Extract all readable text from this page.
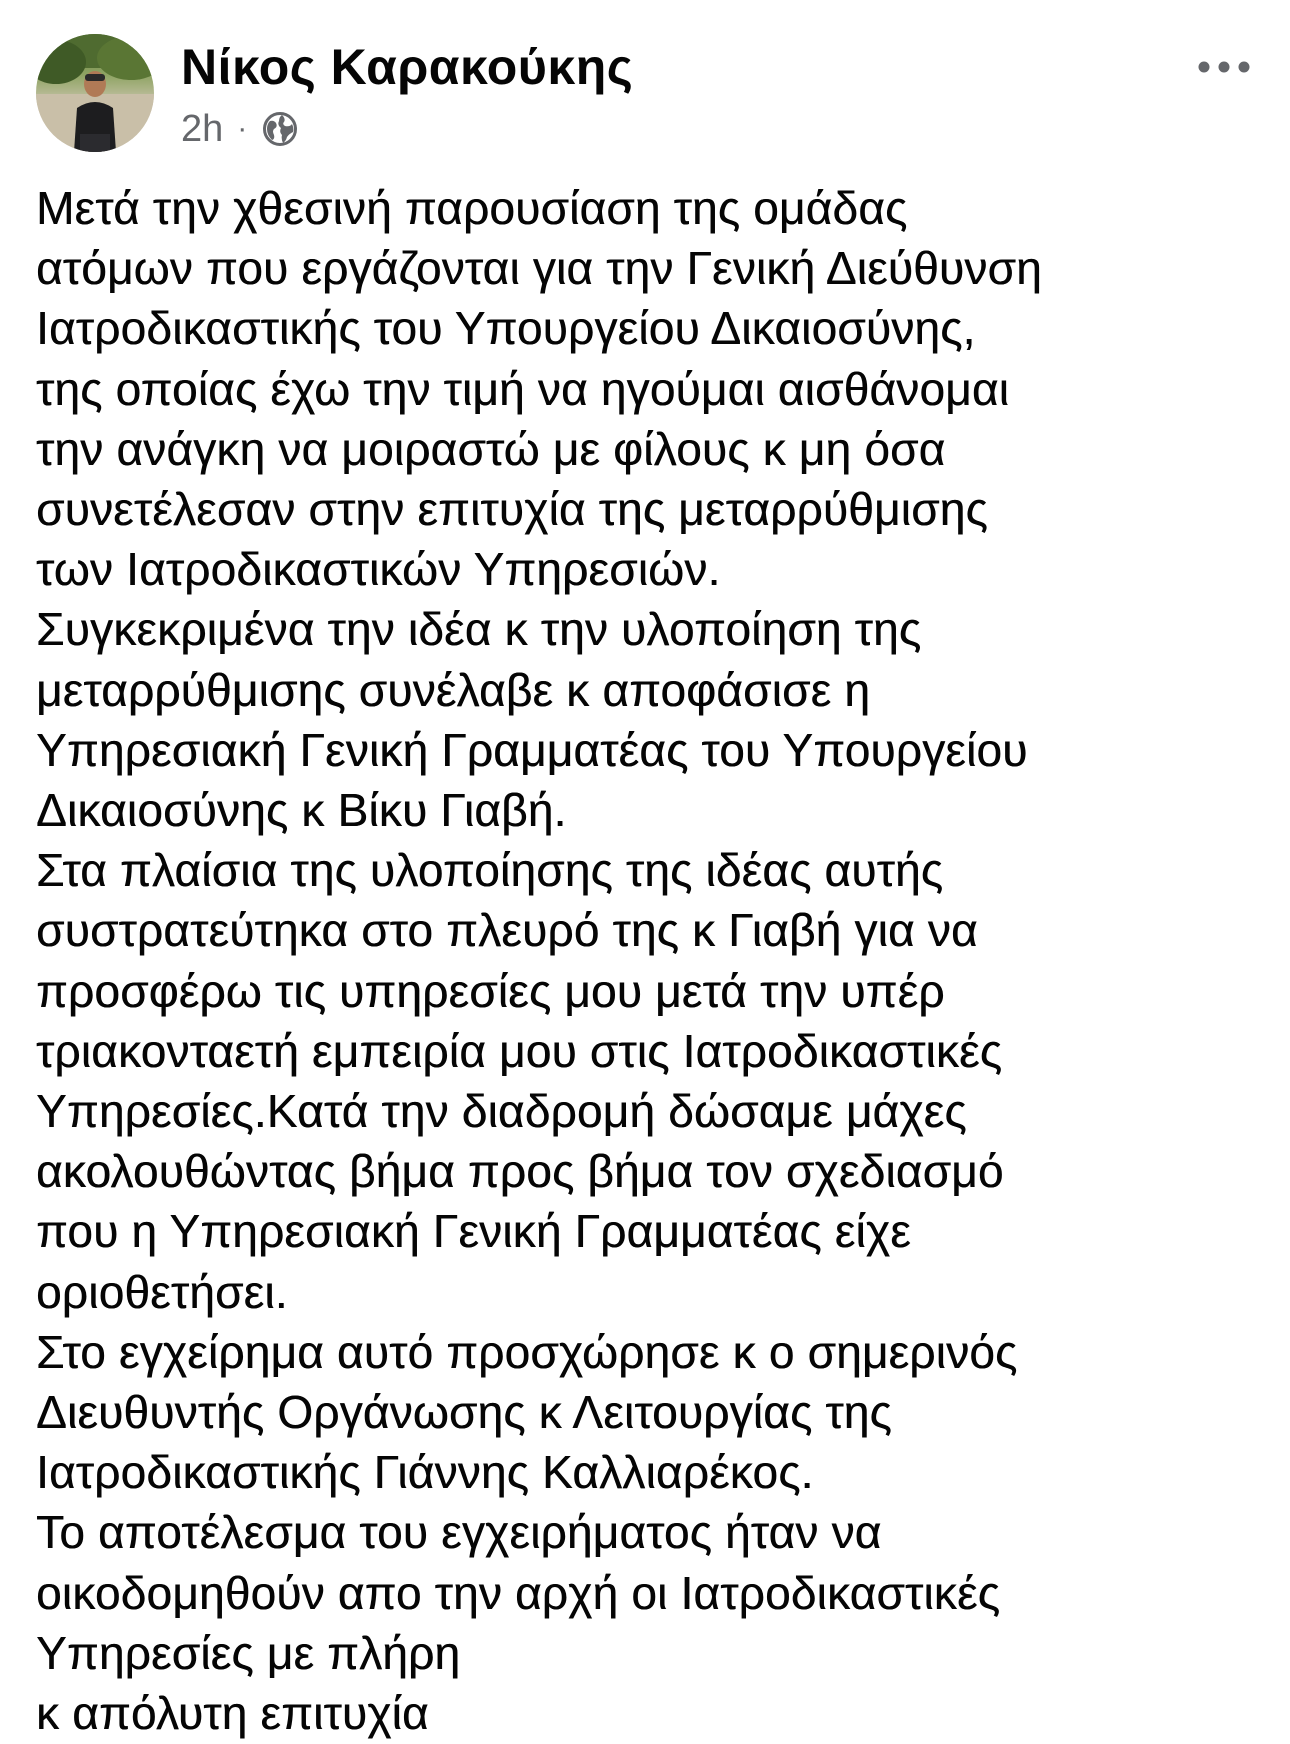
Νίκος Καρακούκης
2h ·
Μετά την χθεσινή παρουσίαση της ομάδας
ατόμων που εργάζονται για την Γενική Διεύθυνση
Ιατροδικαστικής του Υπουργείου Δικαιοσύνης,
της οποίας έχω την τιμή να ηγούμαι αισθάνομαι
την ανάγκη να μοιραστώ με φίλους κ μη όσα
συνετέλεσαν στην επιτυχία της μεταρρύθμισης
των Ιατροδικαστικών Υπηρεσιών.
Συγκεκριμένα την ιδέα κ την υλοποίηση της
μεταρρύθμισης συνέλαβε κ αποφάσισε η
Υπηρεσιακή Γενική Γραμματέας του Υπουργείου
Δικαιοσύνης κ Βίκυ Γιαβή.
Στα πλαίσια της υλοποίησης της ιδέας αυτής
συστρατεύτηκα στο πλευρό της κ Γιαβή για να
προσφέρω τις υπηρεσίες μου μετά την υπέρ
τριακονταετή εμπειρία μου στις Ιατροδικαστικές
Υπηρεσίες.Κατά την διαδρομή δώσαμε μάχες
ακολουθώντας βήμα προς βήμα τον σχεδιασμό
που η Υπηρεσιακή Γενική Γραμματέας είχε
οριοθετήσει.
Στο εγχείρημα αυτό προσχώρησε κ ο σημερινός
Διευθυντής Οργάνωσης κ Λειτουργίας της
Ιατροδικαστικής Γιάννης Καλλιαρέκος.
Το αποτέλεσμα του εγχειρήματος ήταν να
οικοδομηθούν απο την αρχή οι Ιατροδικαστικές
Υπηρεσίες με πλήρη
κ απόλυτη επιτυχία
